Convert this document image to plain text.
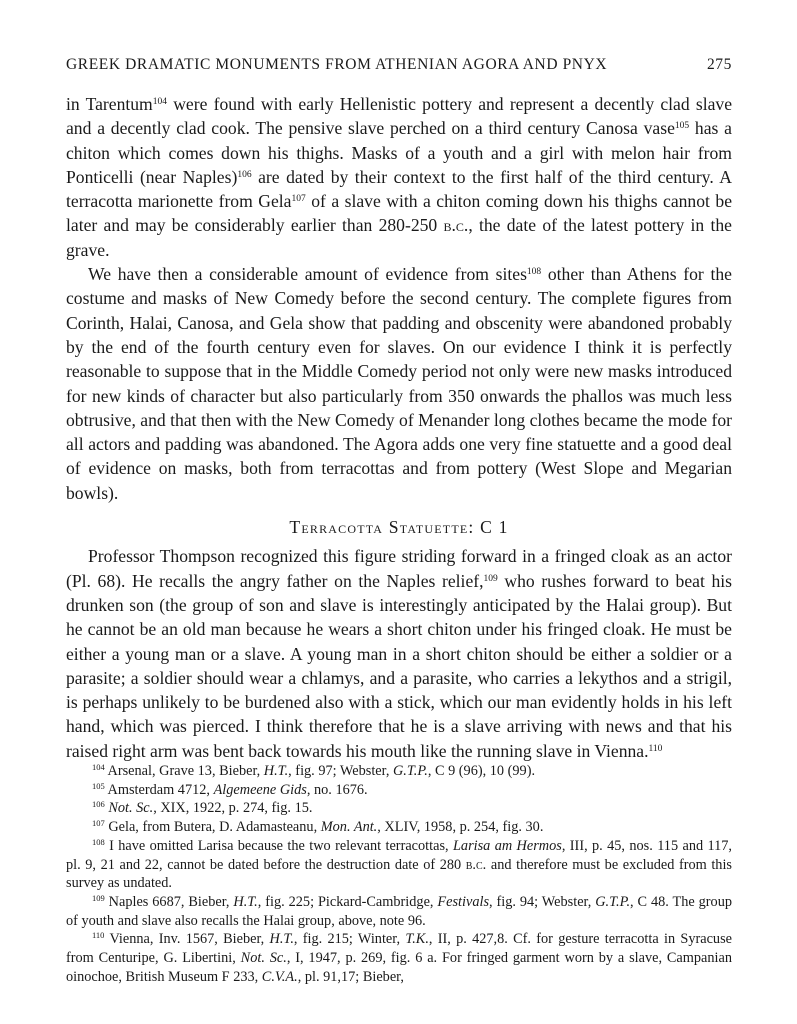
GREEK DRAMATIC MONUMENTS FROM ATHENIAN AGORA AND PNYX	275

in Tarentum$^{104}$ were found with early Hellenistic pottery and represent a decently clad slave and a decently clad cook. The pensive slave perched on a third century Canosa vase$^{105}$ has a chiton which comes down his thighs. Masks of a youth and a girl with melon hair from Ponticelli (near Naples)$^{106}$ are dated by their context to the first half of the third century. A terracotta marionette from Gela$^{107}$ of a slave with a chiton coming down his thighs cannot be later and may be considerably earlier than 280-250 b.c., the date of the latest pottery in the grave.

We have then a considerable amount of evidence from sites$^{108}$ other than Athens for the costume and masks of New Comedy before the second century. The complete figures from Corinth, Halai, Canosa, and Gela show that padding and obscenity were abandoned probably by the end of the fourth century even for slaves. On our evidence I think it is perfectly reasonable to suppose that in the Middle Comedy period not only were new masks introduced for new kinds of character but also particularly from 350 onwards the phallos was much less obtrusive, and that then with the New Comedy of Menander long clothes became the mode for all actors and padding was abandoned. The Agora adds one very fine statuette and a good deal of evidence on masks, both from terracottas and from pottery (West Slope and Megarian bowls).

Terracotta Statuette: C 1

Professor Thompson recognized this figure striding forward in a fringed cloak as an actor (Pl. 68). He recalls the angry father on the Naples relief,$^{109}$ who rushes forward to beat his drunken son (the group of son and slave is interestingly anticipated by the Halai group). But he cannot be an old man because he wears a short chiton under his fringed cloak. He must be either a young man or a slave. A young man in a short chiton should be either a soldier or a parasite; a soldier should wear a chlamys, and a parasite, who carries a lekythos and a strigil, is perhaps unlikely to be burdened also with a stick, which our man evidently holds in his left hand, which was pierced. I think therefore that he is a slave arriving with news and that his raised right arm was bent back towards his mouth like the running slave in Vienna.$^{110}$

$^{104}$ Arsenal, Grave 13, Bieber, H.T., fig. 97; Webster, G.T.P., C 9 (96), 10 (99).

$^{105}$ Amsterdam 4712, Algemeene Gids, no. 1676.

$^{106}$ Not. Sc., XIX, 1922, p. 274, fig. 15.

$^{107}$ Gela, from Butera, D. Adamasteanu, Mon. Ant., XLIV, 1958, p. 254, fig. 30.

$^{108}$ I have omitted Larisa because the two relevant terracottas, Larisa am Hermos, III, p. 45, nos. 115 and 117, pl. 9, 21 and 22, cannot be dated before the destruction date of 280 b.c. and therefore must be excluded from this survey as undated.

$^{109}$ Naples 6687, Bieber, H.T., fig. 225; Pickard-Cambridge, Festivals, fig. 94; Webster, G.T.P., C 48. The group of youth and slave also recalls the Halai group, above, note 96.

$^{110}$ Vienna, Inv. 1567, Bieber, H.T., fig. 215; Winter, T.K., II, p. 427,8. Cf. for gesture terracotta in Syracuse from Centuripe, G. Libertini, Not. Sc., I, 1947, p. 269, fig. 6 a. For fringed garment worn by a slave, Campanian oinochoe, British Museum F 233, C.V.A., pl. 91,17; Bieber,
